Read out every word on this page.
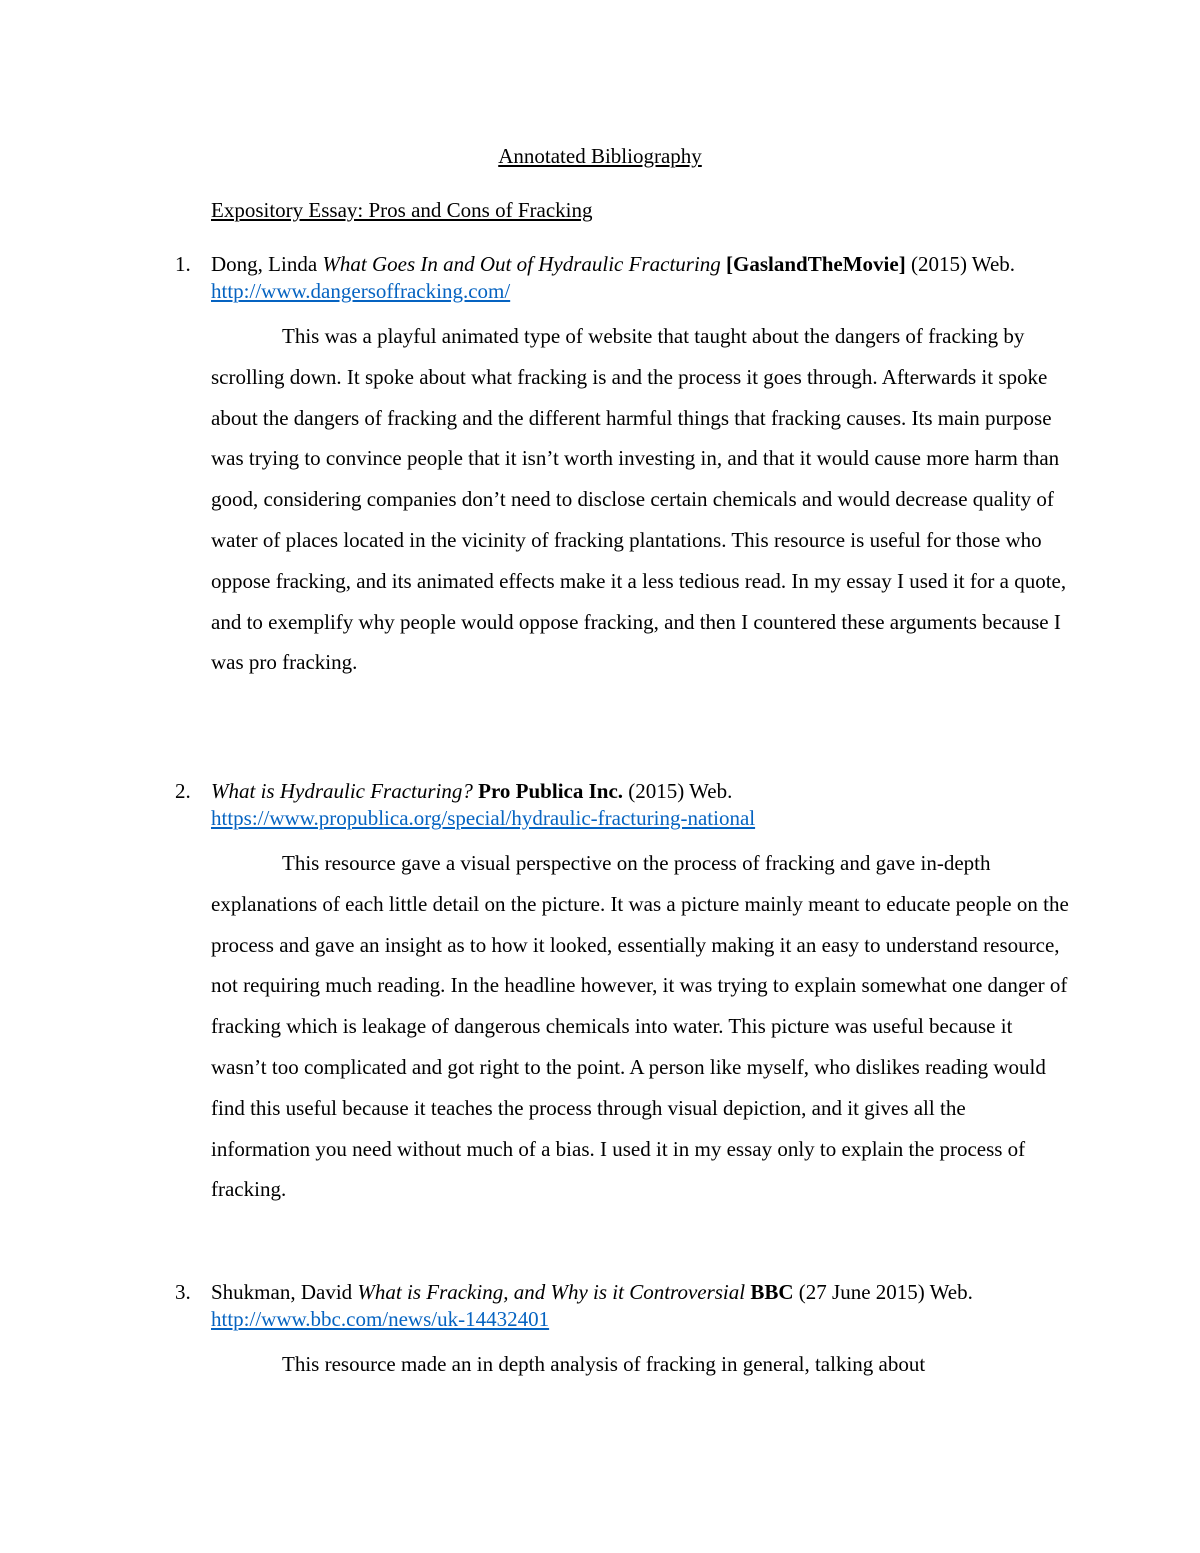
Annotated Bibliography
Expository Essay: Pros and Cons of Fracking
1. Dong, Linda What Goes In and Out of Hydraulic Fracturing [GaslandTheMovie] (2015) Web.

http://www.dangersoffracking.com/

This was a playful animated type of website that taught about the dangers of fracking by scrolling down. It spoke about what fracking is and the process it goes through. Afterwards it spoke about the dangers of fracking and the different harmful things that fracking causes. Its main purpose was trying to convince people that it isn’t worth investing in, and that it would cause more harm than good, considering companies don’t need to disclose certain chemicals and would decrease quality of water of places located in the vicinity of fracking plantations. This resource is useful for those who oppose fracking, and its animated effects make it a less tedious read. In my essay I used it for a quote, and to exemplify why people would oppose fracking, and then I countered these arguments because I was pro fracking.

2. What is Hydraulic Fracturing? Pro Publica Inc. (2015) Web.

https://www.propublica.org/special/hydraulic-fracturing-national

This resource gave a visual perspective on the process of fracking and gave in-depth explanations of each little detail on the picture. It was a picture mainly meant to educate people on the process and gave an insight as to how it looked, essentially making it an easy to understand resource, not requiring much reading. In the headline however, it was trying to explain somewhat one danger of fracking which is leakage of dangerous chemicals into water. This picture was useful because it wasn’t too complicated and got right to the point. A person like myself, who dislikes reading would find this useful because it teaches the process through visual depiction, and it gives all the information you need without much of a bias. I used it in my essay only to explain the process of fracking.

3. Shukman, David What is Fracking, and Why is it Controversial BBC (27 June 2015) Web.

http://www.bbc.com/news/uk-14432401

This resource made an in depth analysis of fracking in general, talking about
